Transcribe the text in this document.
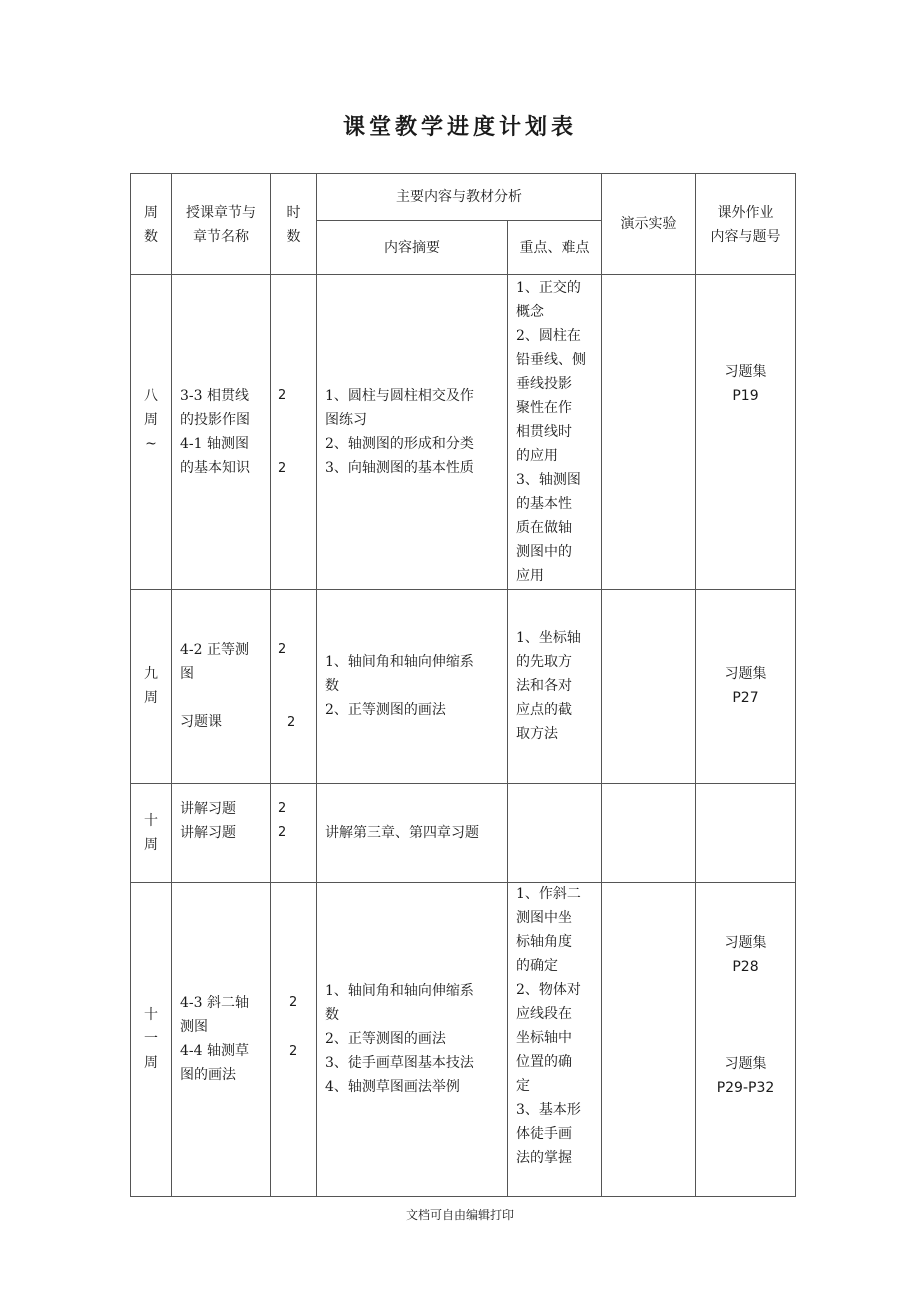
课堂教学进度计划表
周
数
授课章节与
章节名称
时
数
主要内容与教材分析
内容摘要	重点、难点
演示实验
课外作业
内容与题号
八
周
~
3-3 相贯线
的投影作图
4-1 轴测图
的基本知识
2
2
1、圆柱与圆柱相交及作
图练习
2、轴测图的形成和分类
3、向轴测图的基本性质
1、正交的
概念
2、圆柱在
铅垂线、侧
垂线投影
聚性在作
相贯线时
的应用
3、轴测图
的基本性
质在做轴
测图中的
应用
习题集
P19
九
周
4-2 正等测
图

习题课
2
2
1、轴间角和轴向伸缩系
数
2、正等测图的画法
1、坐标轴
的先取方
法和各对
应点的截
取方法
习题集
P27
十
周
讲解习题
讲解习题
2
2	讲解第三章、第四章习题
十
一
周
4-3 斜二轴
测图
4-4 轴测草
图的画法
2
2
1、轴间角和轴向伸缩系
数
2、正等测图的画法
3、徒手画草图基本技法
4、轴测草图画法举例
1、作斜二
测图中坐
标轴角度
的确定
2、物体对
应线段在
坐标轴中
位置的确
定
3、基本形
体徒手画
法的掌握
习题集
P28
习题集
P29-P32
文档可自由编辑打印
